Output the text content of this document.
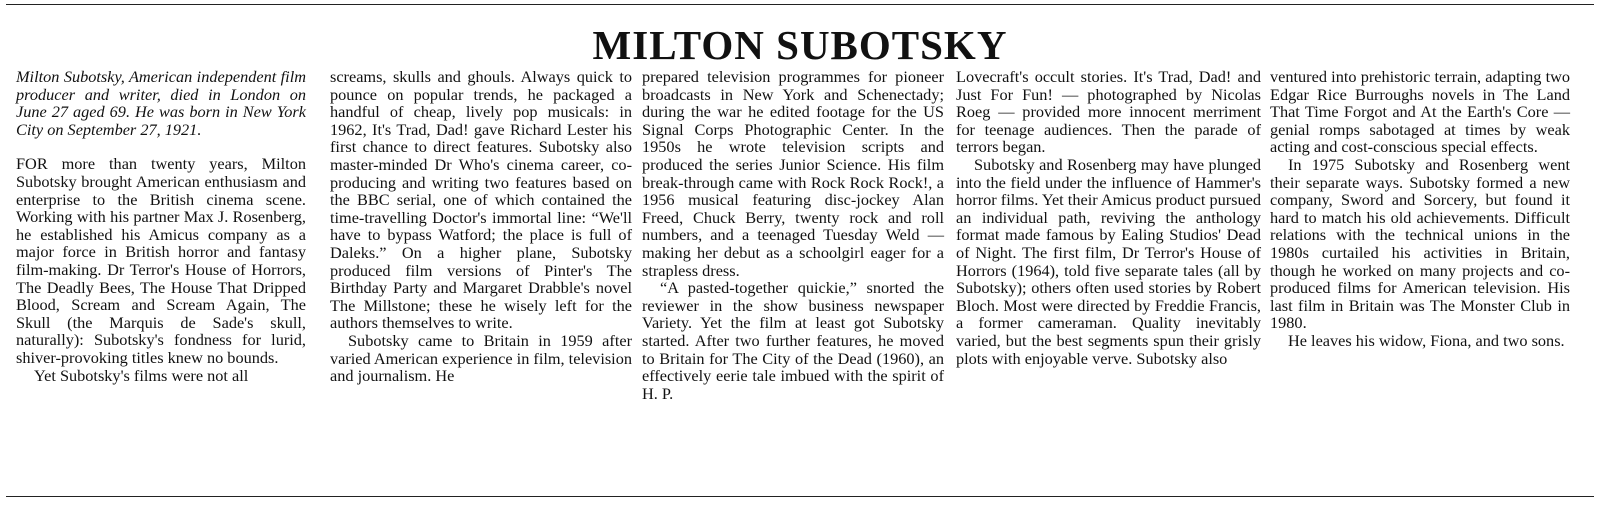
MILTON SUBOTSKY

Milton Subotsky, American independent film producer and writer, died in London on June 27 aged 69. He was born in New York City on September 27, 1921.

FOR more than twenty years, Milton Subotsky brought American enthusiasm and enterprise to the British cinema scene. Working with his partner Max J. Rosenberg, he established his Amicus company as a major force in British horror and fantasy film-making. Dr Terror's House of Horrors, The Deadly Bees, The House That Dripped Blood, Scream and Scream Again, The Skull (the Marquis de Sade's skull, naturally): Subotsky's fondness for lurid, shiver-provoking titles knew no bounds.

Yet Subotsky's films were not all

screams, skulls and ghouls. Always quick to pounce on popular trends, he packaged a handful of cheap, lively pop musicals: in 1962, It's Trad, Dad! gave Richard Lester his first chance to direct features. Subotsky also master-minded Dr Who's cinema career, co-producing and writing two features based on the BBC serial, one of which contained the time-travelling Doctor's immortal line: “We'll have to bypass Watford; the place is full of Daleks.” On a higher plane, Subotsky produced film versions of Pinter's The Birthday Party and Margaret Drabble's novel The Millstone; these he wisely left for the authors themselves to write.

Subotsky came to Britain in 1959 after varied American experience in film, television and journalism. He

prepared television programmes for pioneer broadcasts in New York and Schenectady; during the war he edited footage for the US Signal Corps Photographic Center. In the 1950s he wrote television scripts and produced the series Junior Science. His film break-through came with Rock Rock Rock!, a 1956 musical featuring disc-jockey Alan Freed, Chuck Berry, twenty rock and roll numbers, and a teenaged Tuesday Weld — making her debut as a schoolgirl eager for a strapless dress.

“A pasted-together quickie,” snorted the reviewer in the show business newspaper Variety. Yet the film at least got Subotsky started. After two further features, he moved to Britain for The City of the Dead (1960), an effectively eerie tale imbued with the spirit of H. P.

Lovecraft's occult stories. It's Trad, Dad! and Just For Fun! — photographed by Nicolas Roeg — provided more innocent merriment for teenage audiences. Then the parade of terrors began.

Subotsky and Rosenberg may have plunged into the field under the influence of Hammer's horror films. Yet their Amicus product pursued an individual path, reviving the anthology format made famous by Ealing Studios' Dead of Night. The first film, Dr Terror's House of Horrors (1964), told five separate tales (all by Subotsky); others often used stories by Robert Bloch. Most were directed by Freddie Francis, a former cameraman. Quality inevitably varied, but the best segments spun their grisly plots with enjoyable verve. Subotsky also

ventured into prehistoric terrain, adapting two Edgar Rice Burroughs novels in The Land That Time Forgot and At the Earth's Core — genial romps sabotaged at times by weak acting and cost-conscious special effects.

In 1975 Subotsky and Rosenberg went their separate ways. Subotsky formed a new company, Sword and Sorcery, but found it hard to match his old achievements. Difficult relations with the technical unions in the 1980s curtailed his activities in Britain, though he worked on many projects and co-produced films for American television. His last film in Britain was The Monster Club in 1980.

He leaves his widow, Fiona, and two sons.
